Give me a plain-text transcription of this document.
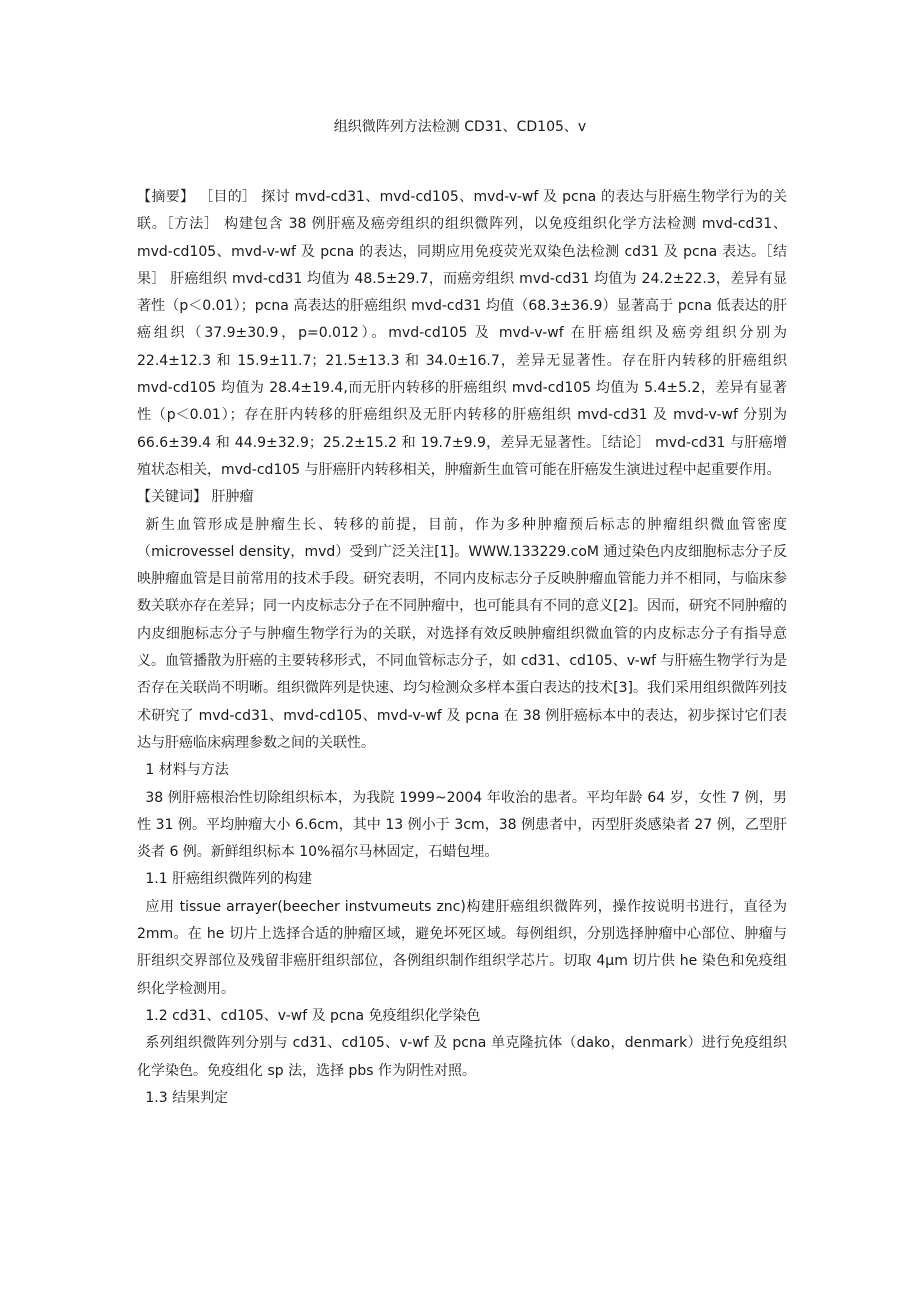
组织微阵列方法检测 CD31、CD105、v

【摘要】 ［目的］ 探讨 mvd-cd31、mvd-cd105、mvd-v-wf 及 pcna 的表达与肝癌生物学行为的关联。［方法］ 构建包含 38 例肝癌及癌旁组织的组织微阵列，以免疫组织化学方法检测 mvd-cd31、mvd-cd105、mvd-v-wf 及 pcna 的表达，同期应用免疫荧光双染色法检测 cd31 及 pcna 表达。［结果］ 肝癌组织 mvd-cd31 均值为 48.5±29.7，而癌旁组织 mvd-cd31 均值为 24.2±22.3，差异有显著性（p＜0.01）；pcna 高表达的肝癌组织 mvd-cd31 均值（68.3±36.9）显著高于 pcna 低表达的肝癌组织（37.9±30.9，p=0.012）。mvd-cd105 及 mvd-v-wf 在肝癌组织及癌旁组织分别为 22.4±12.3 和 15.9±11.7；21.5±13.3 和 34.0±16.7，差异无显著性。存在肝内转移的肝癌组织 mvd-cd105 均值为 28.4±19.4,而无肝内转移的肝癌组织 mvd-cd105 均值为 5.4±5.2，差异有显著性（p＜0.01）；存在肝内转移的肝癌组织及无肝内转移的肝癌组织 mvd-cd31 及 mvd-v-wf 分别为 66.6±39.4 和 44.9±32.9；25.2±15.2 和 19.7±9.9，差异无显著性。［结论］ mvd-cd31 与肝癌增殖状态相关，mvd-cd105 与肝癌肝内转移相关，肿瘤新生血管可能在肝癌发生演进过程中起重要作用。

【关键词】 肝肿瘤

新生血管形成是肿瘤生长、转移的前提，目前，作为多种肿瘤预后标志的肿瘤组织微血管密度（microvessel density，mvd）受到广泛关注[1]。WWW.133229.coM 通过染色内皮细胞标志分子反映肿瘤血管是目前常用的技术手段。研究表明，不同内皮标志分子反映肿瘤血管能力并不相同，与临床参数关联亦存在差异；同一内皮标志分子在不同肿瘤中，也可能具有不同的意义[2]。因而，研究不同肿瘤的内皮细胞标志分子与肿瘤生物学行为的关联，对选择有效反映肿瘤组织微血管的内皮标志分子有指导意义。血管播散为肝癌的主要转移形式，不同血管标志分子，如 cd31、cd105、v-wf 与肝癌生物学行为是否存在关联尚不明晰。组织微阵列是快速、均匀检测众多样本蛋白表达的技术[3]。我们采用组织微阵列技术研究了 mvd-cd31、mvd-cd105、mvd-v-wf 及 pcna 在 38 例肝癌标本中的表达，初步探讨它们表达与肝癌临床病理参数之间的关联性。

1 材料与方法

38 例肝癌根治性切除组织标本，为我院 1999~2004 年收治的患者。平均年龄 64 岁，女性 7 例，男性 31 例。平均肿瘤大小 6.6cm，其中 13 例小于 3cm，38 例患者中，丙型肝炎感染者 27 例，乙型肝炎者 6 例。新鲜组织标本 10%福尔马林固定，石蜡包埋。

1.1 肝癌组织微阵列的构建

应用 tissue arrayer(beecher instvumeuts znc)构建肝癌组织微阵列，操作按说明书进行，直径为 2mm。在 he 切片上选择合适的肿瘤区域，避免坏死区域。每例组织，分别选择肿瘤中心部位、肿瘤与肝组织交界部位及残留非癌肝组织部位，各例组织制作组织学芯片。切取 4μm 切片供 he 染色和免疫组织化学检测用。

1.2 cd31、cd105、v-wf 及 pcna 免疫组织化学染色

系列组织微阵列分别与 cd31、cd105、v-wf 及 pcna 单克隆抗体（dako，denmark）进行免疫组织化学染色。免疫组化 sp 法，选择 pbs 作为阴性对照。

1.3 结果判定
